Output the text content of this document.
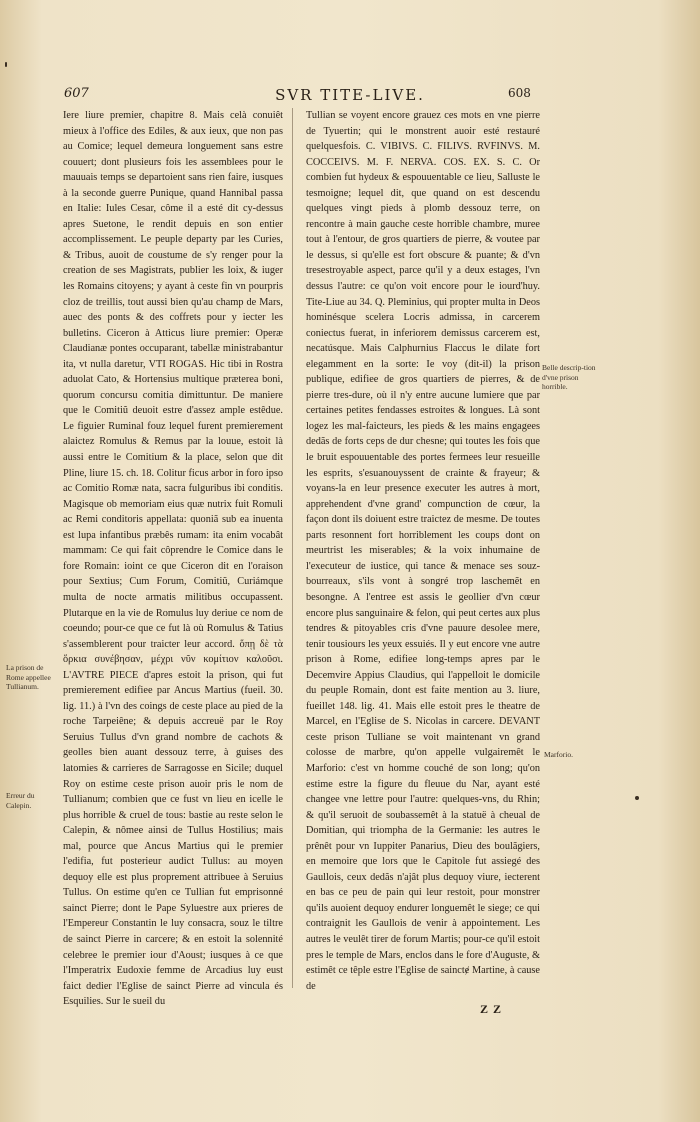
607	SVR TITE-LIVE.	608

Iere liure premier, chapitre 8. Mais celà conuiêt mieux à l'office des Ediles, & aux ieux, que non pas au Comice; lequel demeura longuement sans estre couuert; dont plusieurs fois les assemblees pour le mauuais temps se departoient sans rien faire, iusques à la seconde guerre Punique, quand Hannibal passa en Italie: Iules Cesar, côme il a esté dit cy-dessus apres Suetone, le rendit depuis en son entier accomplissement. Le peuple departy par les Curies, & Tribus, auoit de coustume de s'y renger pour la creation de ses Magistrats, publier les loix, & iuger les Romains citoyens; y ayant à ceste fin vn pourpris cloz de treillis, tout aussi bien qu'au champ de Mars, auec des ponts & des coffrets pour y iecter les bulletins. Ciceron à Atticus liure premier: Operæ Claudianæ pontes occuparant, tabellæ ministrabantur ita, vt nulla daretur, VTI ROGAS. Hic tibi in Rostra aduolat Cato, & Hortensius multique præterea boni, quorum concursu comitia dimittuntur. De maniere que le Comitiũ deuoit estre d'assez ample estêdue. Le figuier Ruminal fouz lequel furent premierement alaictez Romulus & Remus par la louue, estoit là aussi entre le Comitium & la place, selon que dit Pline, liure 15. ch. 18. Colitur ficus arbor in foro ipso ac Comitio Romæ nata, sacra fulguribus ibi conditis. Magisque ob memoriam eius quæ nutrix fuit Romuli ac Remi conditoris appellata: quoniã sub ea inuenta est lupa infantibus præbês rumam: ita enim vocabât mammam: Ce qui fait côprendre le Comice dans le fore Romain: ioint ce que Ciceron dit en l'oraison pour Sextius; Cum Forum, Comitiũ, Curiámque multa de nocte armatis militibus occupassent. Plutarque en la vie de Romulus luy deriue ce nom de coeundo; pour-ce que ce fut là où Romulus & Tatius s'assemblerent pour traicter leur accord. ὅπῃ δὲ τὰ ὅρκια συνέβησαν, μέχρι νῦν κομίτιον καλοῦσι. L'AVTRE PIECE d'apres estoit la prison, qui fut premierement edifiee par Ancus Martius (fueil. 30. lig. 11.) à l'vn des coings de ceste place au pied de la roche Tarpeiêne; & depuis accreuë par le Roy Seruius Tullus d'vn grand nombre de cachots & geolles bien auant dessouz terre, à guises des latomies & carrieres de Sarragosse en Sicile; duquel Roy on estime ceste prison auoir pris le nom de Tullianum; combien que ce fust vn lieu en icelle le plus horrible & cruel de tous: bastie au reste selon le Calepin, & nômee ainsi de Tullus Hostilius; mais mal, pource que Ancus Martius qui le premier l'edifia, fut posterieur audict Tullus: au moyen dequoy elle est plus proprement attribuee à Seruius Tullus. On estime qu'en ce Tullian fut emprisonné sainct Pierre; dont le Pape Syluestre aux prieres de l'Empereur Constantin le luy consacra, souz le tiltre de sainct Pierre in carcere; & en estoit la solennité celebree le premier iour d'Aoust; iusques à ce que l'Imperatrix Eudoxie femme de Arcadius luy eust faict dedier l'Eglise de sainct Pierre ad vincula és Esquilies. Sur le sueil du

Tullian se voyent encore grauez ces mots en vne pierre de Tyuertin; qui le monstrent auoir esté restauré quelquesfois. C. VIBIVS. C. FILIVS. RVFINVS. M. COCCEIVS. M. F. NERVA. COS. EX. S. C. Or combien fut hydeux & espouuentable ce lieu, Salluste le tesmoigne; lequel dit, que quand on est descendu quelques vingt pieds à plomb dessouz terre, on rencontre à main gauche ceste horrible chambre, muree tout à l'entour, de gros quartiers de pierre, & voutee par le dessus, si qu'elle est fort obscure & puante; & d'vn tresestroyable aspect, parce qu'il y a deux estages, l'vn dessus l'autre: ce qu'on voit encore pour le iourd'huy. Tite-Liue au 34. Q. Pleminius, qui propter multa in Deos hominésque scelera Locris admissa, in carcerem coniectus fuerat, in inferiorem demissus carcerem est, necatúsque. Mais Calphurnius Flaccus le dilate fort elegamment en la sorte: Ie voy (dit-il) la prison publique, edifiee de gros quartiers de pierres, & de pierre tres-dure, où il n'y entre aucune lumiere que par certaines petites fendasses estroites & longues. Là sont logez les mal-faicteurs, les pieds & les mains engagees dedãs de forts ceps de dur chesne; qui toutes les fois que le bruit espouuentable des portes fermees leur resueille les esprits, s'esuanouyssent de crainte & frayeur; & voyans-la en leur presence executer les autres à mort, apprehendent d'vne grand' compunction de cœur, la façon dont ils doiuent estre traictez de mesme. De toutes parts resonnent fort horriblement les coups dont on meurtrist les miserables; & la voix inhumaine de l'executeur de iustice, qui tance & menace ses souz-bourreaux, s'ils vont à songré trop laschemẽt en besongne. A l'entree est assis le geollier d'vn cœur encore plus sanguinaire & felon, qui peut certes aux plus tendres & pitoyables cris d'vne pauure desolee mere, tenir tousiours les yeux essuiés. Il y eut encore vne autre prison à Rome, edifiee long-temps apres par le Decemvire Appius Claudius, qui l'appelloit le domicile du peuple Romain, dont est faite mention au 3. liure, fueillet 148. lig. 41. Mais elle estoit pres le theatre de Marcel, en l'Eglise de S. Nicolas in carcere. DEVANT ceste prison Tulliane se voit maintenant vn grand colosse de marbre, qu'on appelle vulgairemêt le Marforio: c'est vn homme couché de son long; qu'on estime estre la figure du fleuue du Nar, ayant esté changee vne lettre pour l'autre: quelques-vns, du Rhin; & qu'il seruoit de soubassemêt à la statuë à cheual de Domitian, qui triompha de la Germanie: les autres le prênêt pour vn Iuppiter Panarius, Dieu des boulãgiers, en memoire que lors que le Capitole fut assiegé des Gaullois, ceux dedãs n'ajât plus dequoy viure, iecterent en bas ce peu de pain qui leur restoit, pour monstrer qu'ils auoient dequoy endurer longuemêt le siege; ce qui contraignit les Gaullois de venir à appointement. Les autres le veulêt tirer de forum Martis; pour-ce qu'il estoit pres le temple de Mars, enclos dans le fore d'Auguste, & estimêt ce têple estre l'Eglise de sainctɇ Martine, à cause de

La prison de Rome appellee Tullianum.
Erreur du Calepin.
Belle descrip-tion d'vne prison horrible.
Marforio.
Z Z
